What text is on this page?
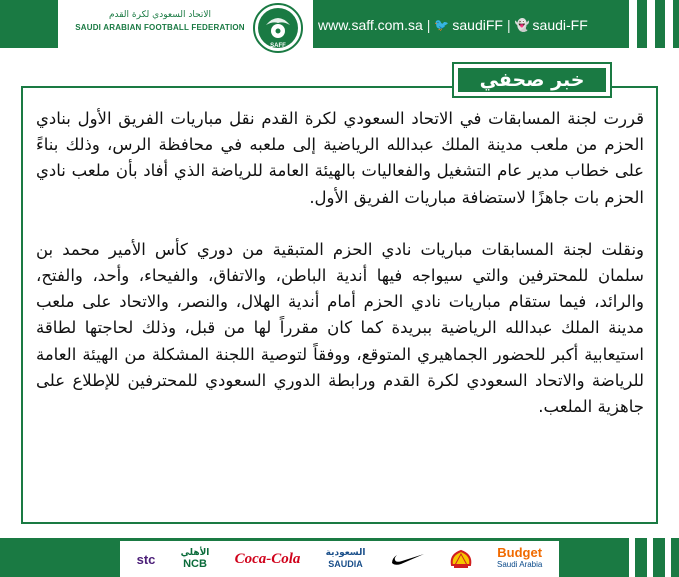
الاتحاد السعودي لكرة القدم
SAUDI ARABIAN FOOTBALL FEDERATION
SAFF
www.saff.com.sa | 🐦 saudiFF | 👻 saudi-FF
خبر صحفي

قررت لجنة المسابقات في الاتحاد السعودي لكرة القدم نقل مباريات الفريق الأول بنادي الحزم من ملعب مدينة الملك عبدالله الرياضية إلى ملعبه في محافظة الرس، وذلك بناءً على خطاب مدير عام التشغيل والفعاليات بالهيئة العامة للرياضة الذي أفاد بأن ملعب نادي الحزم بات جاهزًا لاستضافة مباريات الفريق الأول.

ونقلت لجنة المسابقات مباريات نادي الحزم المتبقية من دوري كأس الأمير محمد بن سلمان للمحترفين والتي سيواجه فيها أندية الباطن، والاتفاق، والفيحاء، وأحد، والفتح، والرائد، فيما ستقام مباريات نادي الحزم أمام أندية الهلال، والنصر، والاتحاد على ملعب مدينة الملك عبدالله الرياضية ببريدة كما كان مقرراً لها من قبل، وذلك لحاجتها لطاقة استيعابية أكبر للحضور الجماهيري المتوقع، ووفقاً لتوصية اللجنة المشكلة من الهيئة العامة للرياضة والاتحاد السعودي لكرة القدم ورابطة الدوري السعودي للمحترفين للإطلاع على جاهزية الملعب.

stc	الأهلي
NCB Coca-Cola	السعودية
SAUDIA
Budget
Saudi Arabia
